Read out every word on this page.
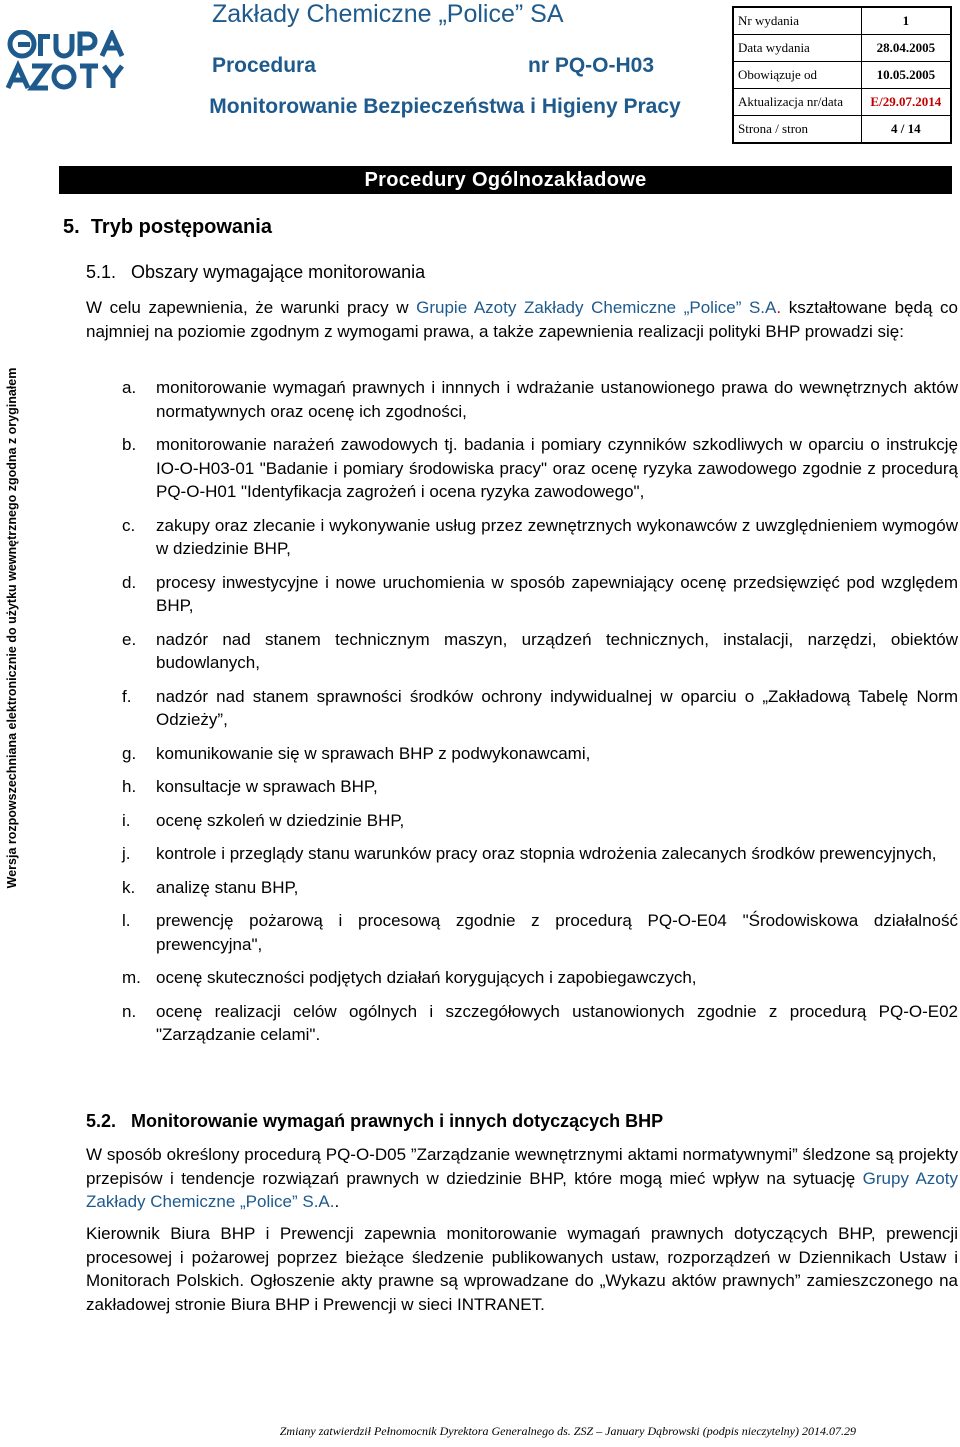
Zakłady Chemiczne „Police” SA
Procedura	nr PQ-O-H03
Monitorowanie Bezpieczeństwa i Higieny Pracy
Nr wydania	1
Data wydania	28.04.2005
Obowiązuje od	10.05.2005
Aktualizacja nr/data	E/29.07.2014
Strona / stron	4 / 14
Procedury Ogólnozakładowe
Wersja rozpowszechniana elektronicznie do użytku wewnętrznego zgodna z oryginałem
5. Tryb postępowania
5.1. Obszary wymagające monitorowania
W celu zapewnienia, że warunki pracy w Grupie Azoty Zakłady Chemiczne „Police” S.A. kształtowane będą co najmniej na poziomie zgodnym z wymogami prawa, a także zapewnienia realizacji polityki BHP prowadzi się:
a. monitorowanie wymagań prawnych i innnych i wdrażanie ustanowionego prawa do wewnętrznych aktów normatywnych oraz ocenę ich zgodności,
b. monitorowanie narażeń zawodowych tj. badania i pomiary czynników szkodliwych w oparciu o instrukcję IO-O-H03-01 "Badanie i pomiary środowiska pracy" oraz ocenę ryzyka zawodowego zgodnie z procedurą PQ-O-H01 "Identyfikacja zagrożeń i ocena ryzyka zawodowego",
c. zakupy oraz zlecanie i wykonywanie usług przez zewnętrznych wykonawców z uwzględnieniem wymogów w dziedzinie BHP,
d. procesy inwestycyjne i nowe uruchomienia w sposób zapewniający ocenę przedsięwzięć pod względem BHP,
e. nadzór nad stanem technicznym maszyn, urządzeń technicznych, instalacji, narzędzi, obiektów budowlanych,
f. nadzór nad stanem sprawności środków ochrony indywidualnej w oparciu o „Zakładową Tabelę Norm Odzieży”,
g. komunikowanie się w sprawach BHP z podwykonawcami,
h. konsultacje w sprawach BHP,
i. ocenę szkoleń w dziedzinie BHP,
j. kontrole i przeglądy stanu warunków pracy oraz stopnia wdrożenia zalecanych środków prewencyjnych,
k. analizę stanu BHP,
l. prewencję pożarową i procesową zgodnie z procedurą PQ-O-E04 "Środowiskowa działalność prewencyjna",
m. ocenę skuteczności podjętych działań korygujących i zapobiegawczych,
n. ocenę realizacji celów ogólnych i szczegółowych ustanowionych zgodnie z procedurą PQ-O-E02 "Zarządzanie celami".
5.2. Monitorowanie wymagań prawnych i innych dotyczących BHP
W sposób określony procedurą PQ-O-D05 ”Zarządzanie wewnętrznymi aktami normatywnymi” śledzone są projekty przepisów i tendencje rozwiązań prawnych w dziedzinie BHP, które mogą mieć wpływ na sytuację Grupy Azoty Zakłady Chemiczne „Police” S.A..
Kierownik Biura BHP i Prewencji zapewnia monitorowanie wymagań prawnych dotyczących BHP, prewencji procesowej i pożarowej poprzez bieżące śledzenie publikowanych ustaw, rozporządzeń w Dziennikach Ustaw i Monitorach Polskich. Ogłoszenie akty prawne są wprowadzane do „Wykazu aktów prawnych” zamieszczonego na zakładowej stronie Biura BHP i Prewencji w sieci INTRANET.
Zmiany zatwierdził Pełnomocnik Dyrektora Generalnego ds. ZSZ – January Dąbrowski (podpis nieczytelny) 2014.07.29
